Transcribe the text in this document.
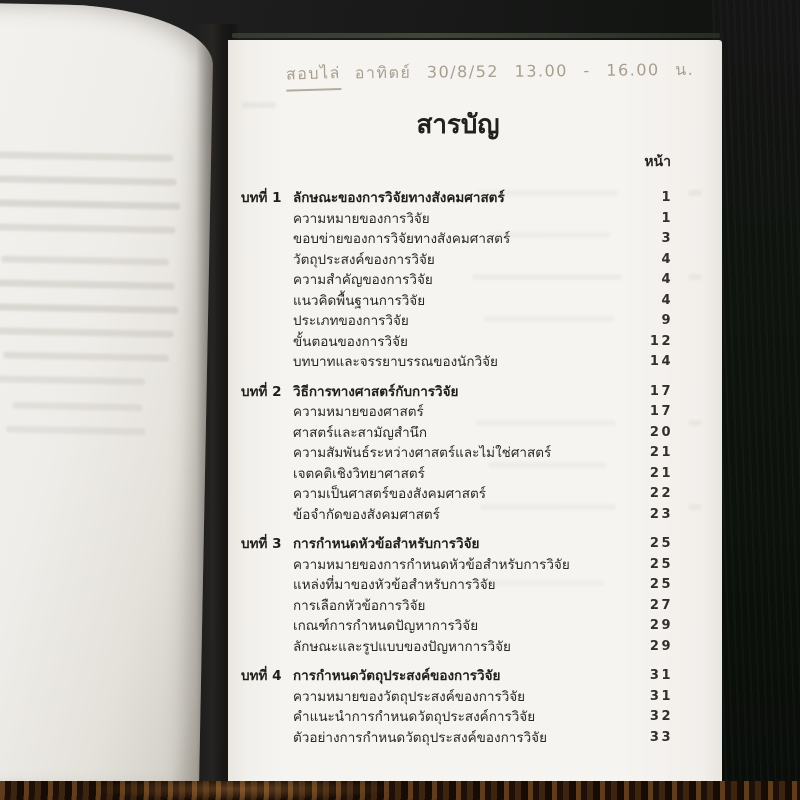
สอบไล่ อาทิตย์ 30/8/52 13.00 - 16.00 น.
สารบัญ
หน้า
บทที่ 1 ลักษณะของการวิจัยทางสังคมศาสตร์	1
ความหมายของการวิจัย	1
ขอบข่ายของการวิจัยทางสังคมศาสตร์	3
วัตถุประสงค์ของการวิจัย	4
ความสำคัญของการวิจัย	4
แนวคิดพื้นฐานการวิจัย	4
ประเภทของการวิจัย	9
ขั้นตอนของการวิจัย	12
บทบาทและจรรยาบรรณของนักวิจัย	14
บทที่ 2 วิธีการทางศาสตร์กับการวิจัย	17
ความหมายของศาสตร์	17
ศาสตร์และสามัญสำนึก	20
ความสัมพันธ์ระหว่างศาสตร์และไม่ใช่ศาสตร์	21
เจตคติเชิงวิทยาศาสตร์	21
ความเป็นศาสตร์ของสังคมศาสตร์	22
ข้อจำกัดของสังคมศาสตร์	23
บทที่ 3 การกำหนดหัวข้อสำหรับการวิจัย	25
ความหมายของการกำหนดหัวข้อสำหรับการวิจัย	25
แหล่งที่มาของหัวข้อสำหรับการวิจัย	25
การเลือกหัวข้อการวิจัย	27
เกณฑ์การกำหนดปัญหาการวิจัย	29
ลักษณะและรูปแบบของปัญหาการวิจัย	29
บทที่ 4 การกำหนดวัตถุประสงค์ของการวิจัย	31
ความหมายของวัตถุประสงค์ของการวิจัย	31
คำแนะนำการกำหนดวัตถุประสงค์การวิจัย	32
ตัวอย่างการกำหนดวัตถุประสงค์ของการวิจัย	33
